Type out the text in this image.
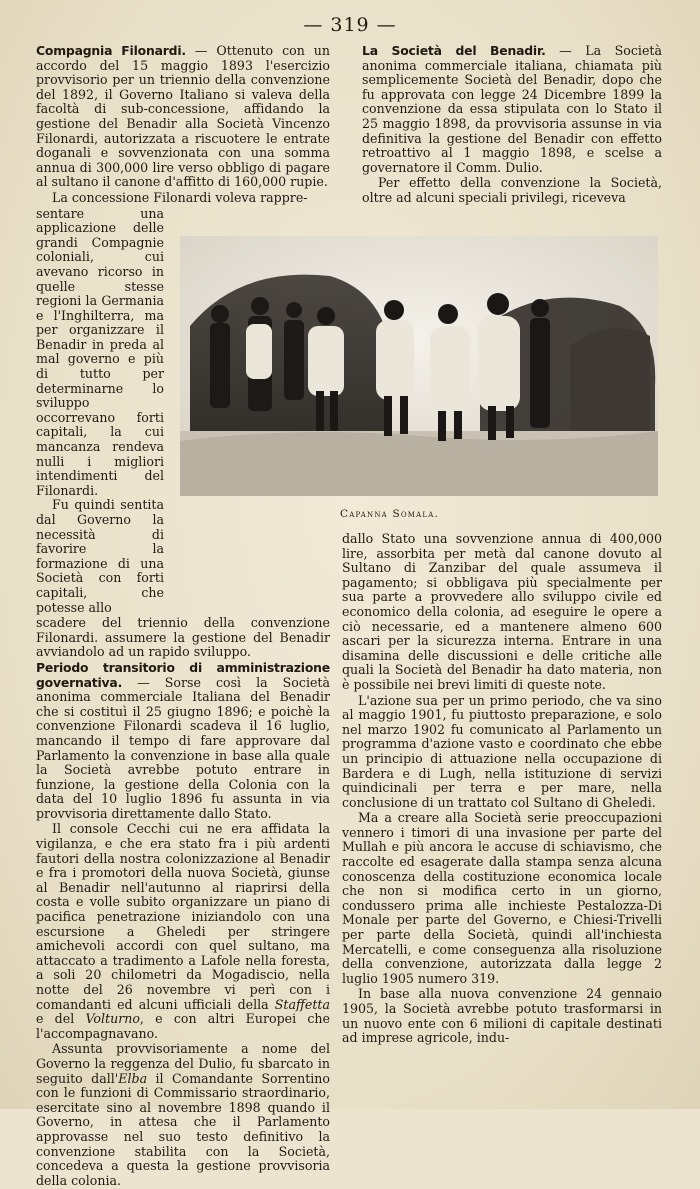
— 319 —

Compagnia Filonardi. — Ottenuto con un accordo del 15 maggio 1893 l'esercizio provvisorio per un triennio della convenzione del 1892, il Governo Italiano si valeva della facoltà di sub-concessione, affidando la gestione del Benadir alla Società Vincenzo Filonardi, autorizzata a riscuotere le entrate doganali e sovvenzionata con una somma annua di 300,000 lire verso obbligo di pagare al sultano il canone d'affitto di 160,000 rupie.

La concessione Filonardi voleva rappre-

sentare una applicazione delle grandi Compagnie coloniali, cui avevano ricorso in quelle stesse regioni la Germania e l'Inghilterra, ma per organizzare il Benadir in preda al mal governo e più di tutto per determinarne lo sviluppo occorrevano forti capitali, la cui mancanza rendeva nulli i migliori intendimenti del Filonardi.

Fu quindi sentita dal Governo la necessità di favorire la formazione di una Società con forti capitali, che potesse allo

scadere del triennio della convenzione Filonardi. assumere la gestione del Benadir avviandolo ad un rapido sviluppo.

Periodo transitorio di amministrazione governativa. — Sorse così la Società anonima commerciale Italiana del Benadir che si costituì il 25 giugno 1896; e poichè la convenzione Filonardi scadeva il 16 luglio, mancando il tempo di fare approvare dal Parlamento la convenzione in base alla quale la Società avrebbe potuto entrare in funzione, la gestione della Colonia con la data del 10 luglio 1896 fu assunta in via provvisoria direttamente dallo Stato.

Il console Cecchi cui ne era affidata la vigilanza, e che era stato fra i più ardenti fautori della nostra colonizzazione al Benadir e fra i promotori della nuova Società, giunse al Benadir nell'autunno al riaprirsi della costa e volle subito organizzare un piano di pacifica penetrazione iniziandolo con una escursione a Gheledi per stringere amichevoli accordi con quel sultano, ma attaccato a tradimento a Lafole nella foresta, a soli 20 chilometri da Mogadiscio, nella notte del 26 novembre vi perì con i comandanti ed alcuni ufficiali della Staffetta e del Volturno, e con altri Europei che l'accompagnavano.

Assunta provvisoriamente a nome del Governo la reggenza del Dulio, fu sbarcato in seguito dall'Elba il Comandante Sorrentino con le funzioni di Commissario straordinario, esercitate sino al novembre 1898 quando il Governo, in attesa che il Parlamento approvasse nel suo testo definitivo la convenzione stabilita con la Società, concedeva a questa la gestione provvisoria della colonia.

La Società del Benadir. — La Società anonima commerciale italiana, chiamata più semplicemente Società del Benadir, dopo che fu approvata con legge 24 Dicembre 1899 la convenzione da essa stipulata con lo Stato il 25 maggio 1898, da provvisoria assunse in via definitiva la gestione del Benadir con effetto retroattivo al 1 maggio 1898, e scelse a governatore il Comm. Dulio.

Per effetto della convenzione la Società, oltre ad alcuni speciali privilegi, riceveva

Capanna Somala.

dallo Stato una sovvenzione annua di 400,000 lire, assorbita per metà dal canone dovuto al Sultano di Zanzibar del quale assumeva il pagamento; si obbligava più specialmente per sua parte a provvedere allo sviluppo civile ed economico della colonia, ad eseguire le opere a ciò necessarie, ed a mantenere almeno 600 ascari per la sicurezza interna. Entrare in una disamina delle discussioni e delle critiche alle quali la Società del Benadir ha dato materia, non è possibile nei brevi limiti di queste note.

L'azione sua per un primo periodo, che va sino al maggio 1901, fu piuttosto preparazione, e solo nel marzo 1902 fu comunicato al Parlamento un programma d'azione vasto e coordinato che ebbe un principio di attuazione nella occupazione di Bardera e di Lugh, nella istituzione di servizi quindicinali per terra e per mare, nella conclusione di un trattato col Sultano di Gheledi.

Ma a creare alla Società serie preoccupazioni vennero i timori di una invasione per parte del Mullah e più ancora le accuse di schiavismo, che raccolte ed esagerate dalla stampa senza alcuna conoscenza della costituzione economica locale che non si modifica certo in un giorno, condussero prima alle inchieste Pestalozza-Di Monale per parte del Governo, e Chiesi-Trivelli per parte della Società, quindi all'inchiesta Mercatelli, e come conseguenza alla risoluzione della convenzione, autorizzata dalla legge 2 luglio 1905 numero 319.

In base alla nuova convenzione 24 gennaio 1905, la Società avrebbe potuto trasformarsi in un nuovo ente con 6 milioni di capitale destinati ad imprese agricole, indu-
